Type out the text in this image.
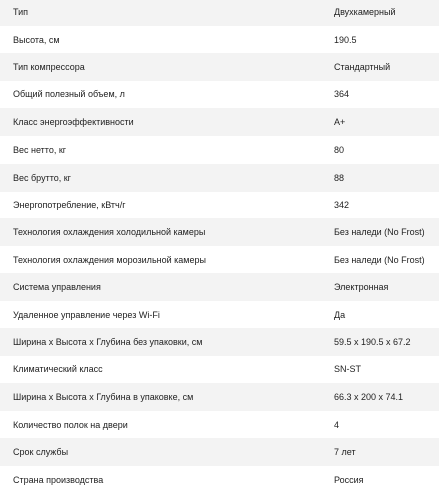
Тип	Двухкамерный
Высота, см	190.5
Тип компрессора	Стандартный
Общий полезный объем, л	364
Класс энергоэффективности	A+
Вес нетто, кг	80
Вес брутто, кг	88
Энергопотребление, кВтч/г	342
Технология охлаждения холодильной камеры	Без наледи (No Frost)
Технология охлаждения морозильной камеры	Без наледи (No Frost)
Система управления	Электронная
Удаленное управление через Wi-Fi	Да
Ширина х Высота х Глубина без упаковки, см	59.5 х 190.5 х 67.2
Климатический класс	SN-ST
Ширина х Высота х Глубина в упаковке, см	66.3 х 200 х 74.1
Количество полок на двери	4
Срок службы	7 лет
Страна производства	Россия
